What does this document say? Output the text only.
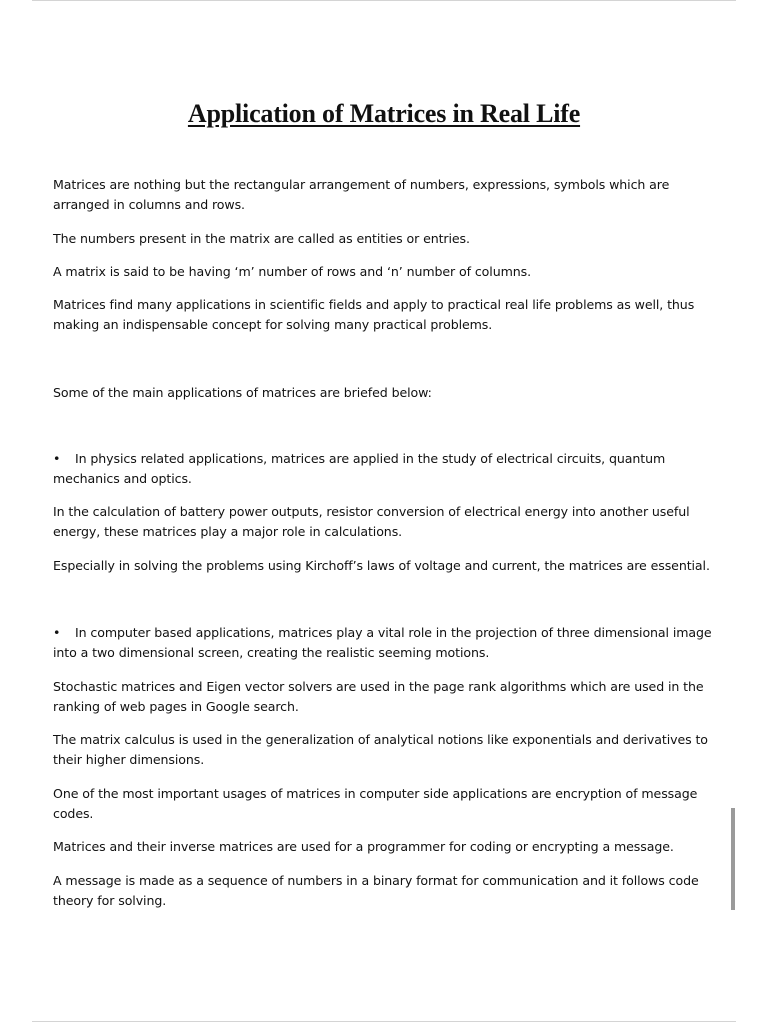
Application of Matrices in Real Life

Matrices are nothing but the rectangular arrangement of numbers, expressions, symbols which are arranged in columns and rows.

The numbers present in the matrix are called as entities or entries.

A matrix is said to be having ‘m’ number of rows and ‘n’ number of columns.

Matrices find many applications in scientific fields and apply to practical real life problems as well, thus making an indispensable concept for solving many practical problems.

Some of the main applications of matrices are briefed below:

• In physics related applications, matrices are applied in the study of electrical circuits, quantum mechanics and optics.

In the calculation of battery power outputs, resistor conversion of electrical energy into another useful energy, these matrices play a major role in calculations.

Especially in solving the problems using Kirchoff’s laws of voltage and current, the matrices are essential.

• In computer based applications, matrices play a vital role in the projection of three dimensional image into a two dimensional screen, creating the realistic seeming motions.

Stochastic matrices and Eigen vector solvers are used in the page rank algorithms which are used in the ranking of web pages in Google search.

The matrix calculus is used in the generalization of analytical notions like exponentials and derivatives to their higher dimensions.

One of the most important usages of matrices in computer side applications are encryption of message codes.

Matrices and their inverse matrices are used for a programmer for coding or encrypting a message.

A message is made as a sequence of numbers in a binary format for communication and it follows code theory for solving.
